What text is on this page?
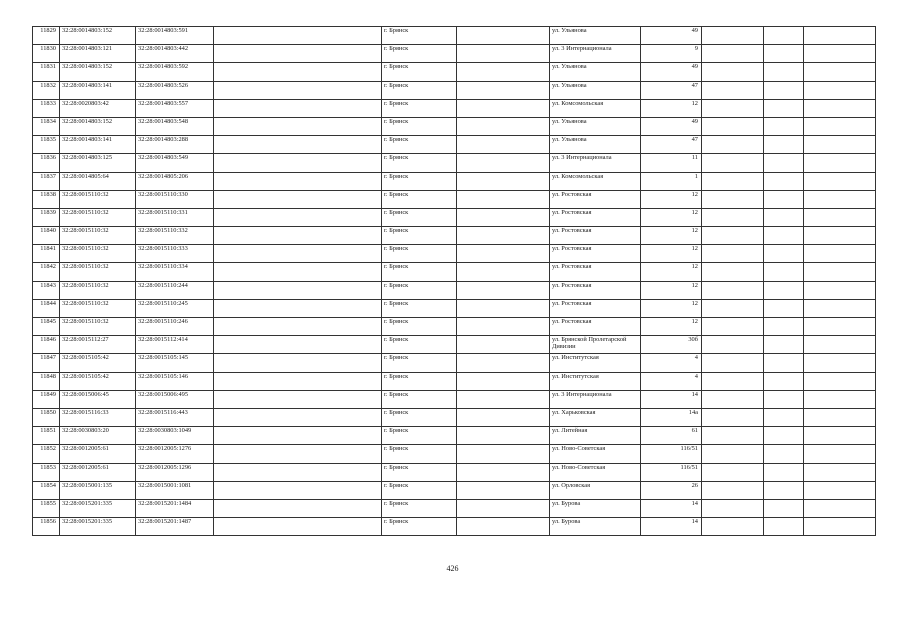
11829	32:28:0014803:152	32:28:0014803:591		г. Брянск		ул. Ульянова	49			
11830	32:28:0014803:121	32:28:0014803:442		г. Брянск		ул. 3 Интернационала	9			
11831	32:28:0014803:152	32:28:0014803:592		г. Брянск		ул. Ульянова	49			
11832	32:28:0014803:141	32:28:0014803:526		г. Брянск		ул. Ульянова	47			
11833	32:28:0020803:42	32:28:0014803:557		г. Брянск		ул. Комсомольская	12			
11834	32:28:0014803:152	32:28:0014803:548		г. Брянск		ул. Ульянова	49			
11835	32:28:0014803:141	32:28:0014803:288		г. Брянск		ул. Ульянова	47			
11836	32:28:0014803:125	32:28:0014803:549		г. Брянск		ул. 3 Интернационала	11			
11837	32:28:0014805:64	32:28:0014805:206		г. Брянск		ул. Комсомольская	1			
11838	32:28:0015110:32	32:28:0015110:330		г. Брянск		ул. Ростовская	12			
11839	32:28:0015110:32	32:28:0015110:331		г. Брянск		ул. Ростовская	12			
11840	32:28:0015110:32	32:28:0015110:332		г. Брянск		ул. Ростовская	12			
11841	32:28:0015110:32	32:28:0015110:333		г. Брянск		ул. Ростовская	12			
11842	32:28:0015110:32	32:28:0015110:334		г. Брянск		ул. Ростовская	12			
11843	32:28:0015110:32	32:28:0015110:244		г. Брянск		ул. Ростовская	12			
11844	32:28:0015110:32	32:28:0015110:245		г. Брянск		ул. Ростовская	12			
11845	32:28:0015110:32	32:28:0015110:246		г. Брянск		ул. Ростовская	12			
11846	32:28:0015112:27	32:28:0015112:414		г. Брянск		ул. Брянской Пролетарской Дивизии	30б			
11847	32:28:0015105:42	32:28:0015105:145		г. Брянск		ул. Институтская	4			
11848	32:28:0015105:42	32:28:0015105:146		г. Брянск		ул. Институтская	4			
11849	32:28:0015006:45	32:28:0015006:495		г. Брянск		ул. 3 Интернационала	14			
11850	32:28:0015116:33	32:28:0015116:443		г. Брянск		ул. Харьковская	14а			
11851	32:28:0030803:20	32:28:0030803:1049		г. Брянск		ул. Литейная	61			
11852	32:28:0012005:61	32:28:0012005:1276		г. Брянск		ул. Ново-Советская	116/51			
11853	32:28:0012005:61	32:28:0012005:1296		г. Брянск		ул. Ново-Советская	116/51			
11854	32:28:0015001:135	32:28:0015001:1081		г. Брянск		ул. Орловская	26			
11855	32:28:0015201:335	32:28:0015201:1484		г. Брянск		ул. Бурова	14			
11856	32:28:0015201:335	32:28:0015201:1487		г. Брянск		ул. Бурова	14			
426
